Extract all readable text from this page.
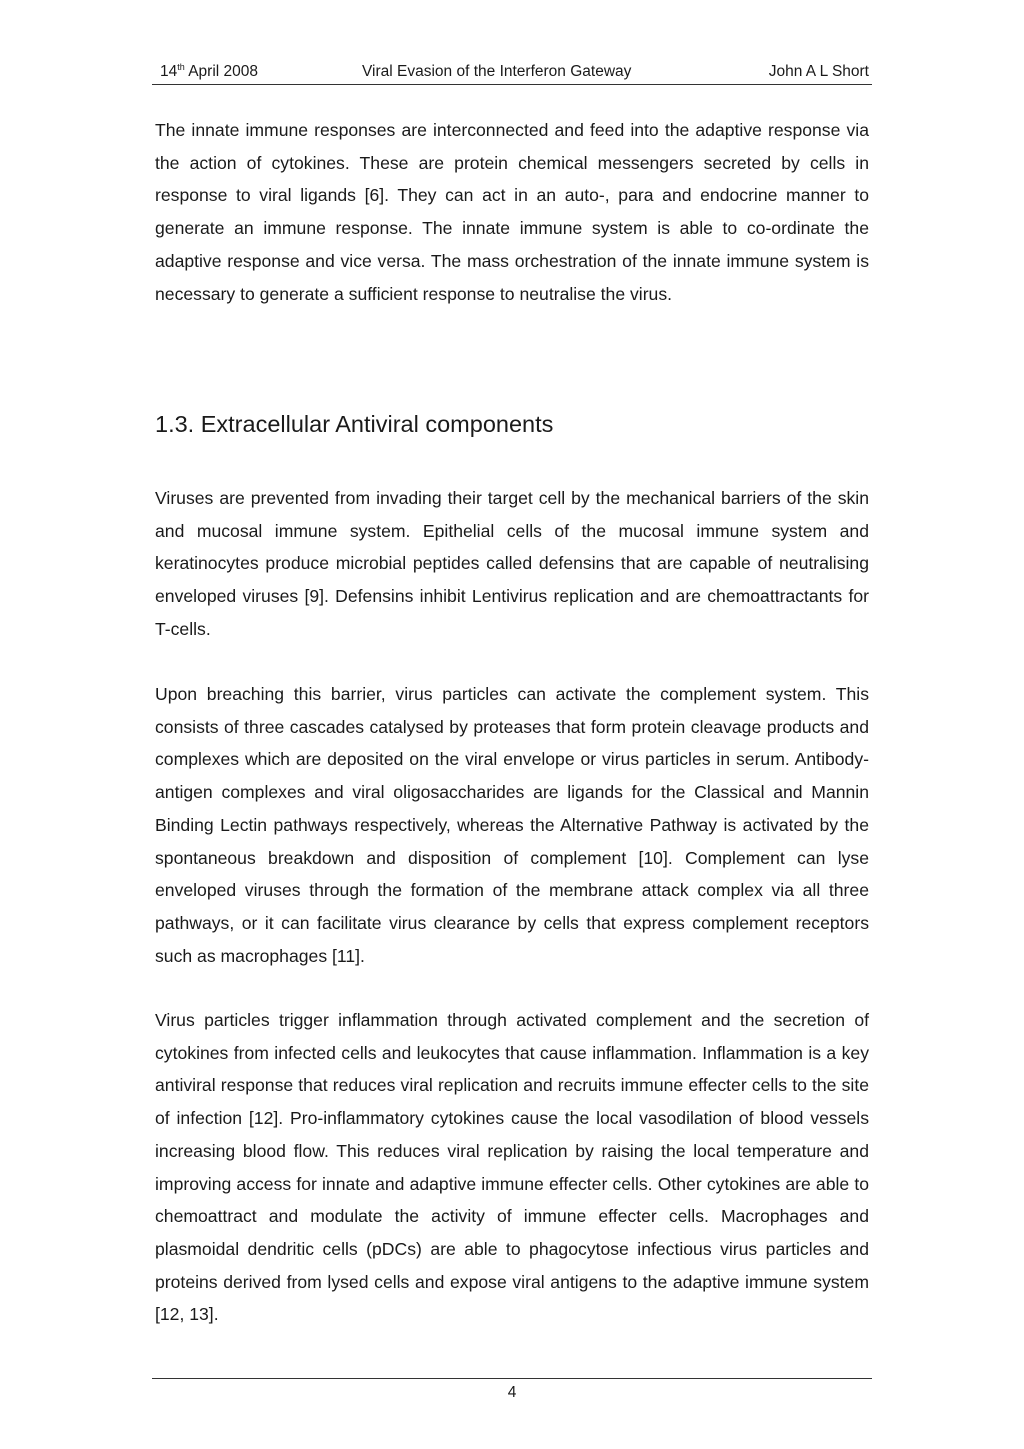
14th April 2008	Viral Evasion of the Interferon Gateway	John A L Short

The innate immune responses are interconnected and feed into the adaptive response via the action of cytokines. These are protein chemical messengers secreted by cells in response to viral ligands [6]. They can act in an auto-, para and endocrine manner to generate an immune response. The innate immune system is able to co-ordinate the adaptive response and vice versa. The mass orchestration of the innate immune system is necessary to generate a sufficient response to neutralise the virus.

1.3. Extracellular Antiviral components

Viruses are prevented from invading their target cell by the mechanical barriers of the skin and mucosal immune system. Epithelial cells of the mucosal immune system and keratinocytes produce microbial peptides called defensins that are capable of neutralising enveloped viruses [9]. Defensins inhibit Lentivirus replication and are chemoattractants for T-cells.

Upon breaching this barrier, virus particles can activate the complement system. This consists of three cascades catalysed by proteases that form protein cleavage products and complexes which are deposited on the viral envelope or virus particles in serum. Antibody-antigen complexes and viral oligosaccharides are ligands for the Classical and Mannin Binding Lectin pathways respectively, whereas the Alternative Pathway is activated by the spontaneous breakdown and disposition of complement [10]. Complement can lyse enveloped viruses through the formation of the membrane attack complex via all three pathways, or it can facilitate virus clearance by cells that express complement receptors such as macrophages [11].

Virus particles trigger inflammation through activated complement and the secretion of cytokines from infected cells and leukocytes that cause inflammation. Inflammation is a key antiviral response that reduces viral replication and recruits immune effecter cells to the site of infection [12]. Pro-inflammatory cytokines cause the local vasodilation of blood vessels increasing blood flow. This reduces viral replication by raising the local temperature and improving access for innate and adaptive immune effecter cells. Other cytokines are able to chemoattract and modulate the activity of immune effecter cells. Macrophages and plasmoidal dendritic cells (pDCs) are able to phagocytose infectious virus particles and proteins derived from lysed cells and expose viral antigens to the adaptive immune system [12, 13].

4
